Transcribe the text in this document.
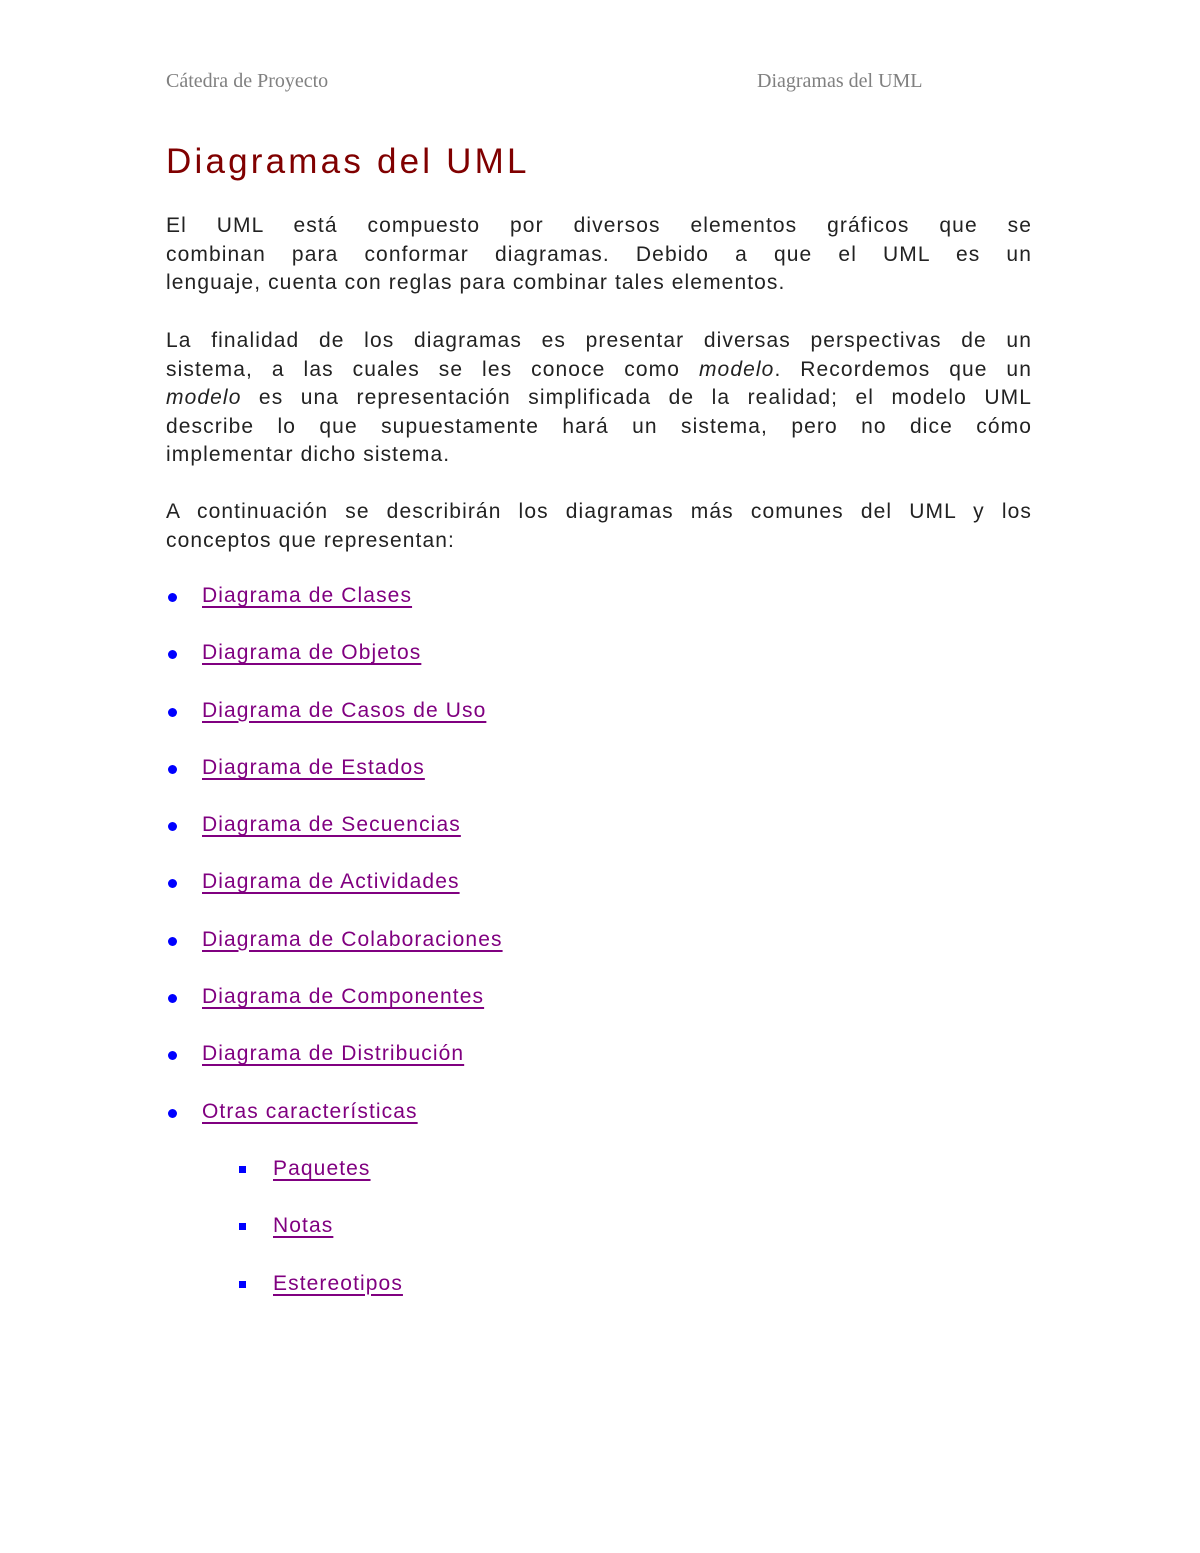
Cátedra de Proyecto	Diagramas del UML
Diagramas del UML
El UML está compuesto por diversos elementos gráficos que se
combinan para conformar diagramas. Debido a que el UML es un
lenguaje, cuenta con reglas para combinar tales elementos.
La finalidad de los diagramas es presentar diversas perspectivas de un
sistema, a las cuales se les conoce como modelo. Recordemos que un
modelo es una representación simplificada de la realidad; el modelo UML
describe lo que supuestamente hará un sistema, pero no dice cómo
implementar dicho sistema.
A continuación se describirán los diagramas más comunes del UML y los
conceptos que representan:
Diagrama de Clases
Diagrama de Objetos
Diagrama de Casos de Uso
Diagrama de Estados
Diagrama de Secuencias
Diagrama de Actividades
Diagrama de Colaboraciones
Diagrama de Componentes
Diagrama de Distribución
Otras características
Paquetes
Notas
Estereotipos
